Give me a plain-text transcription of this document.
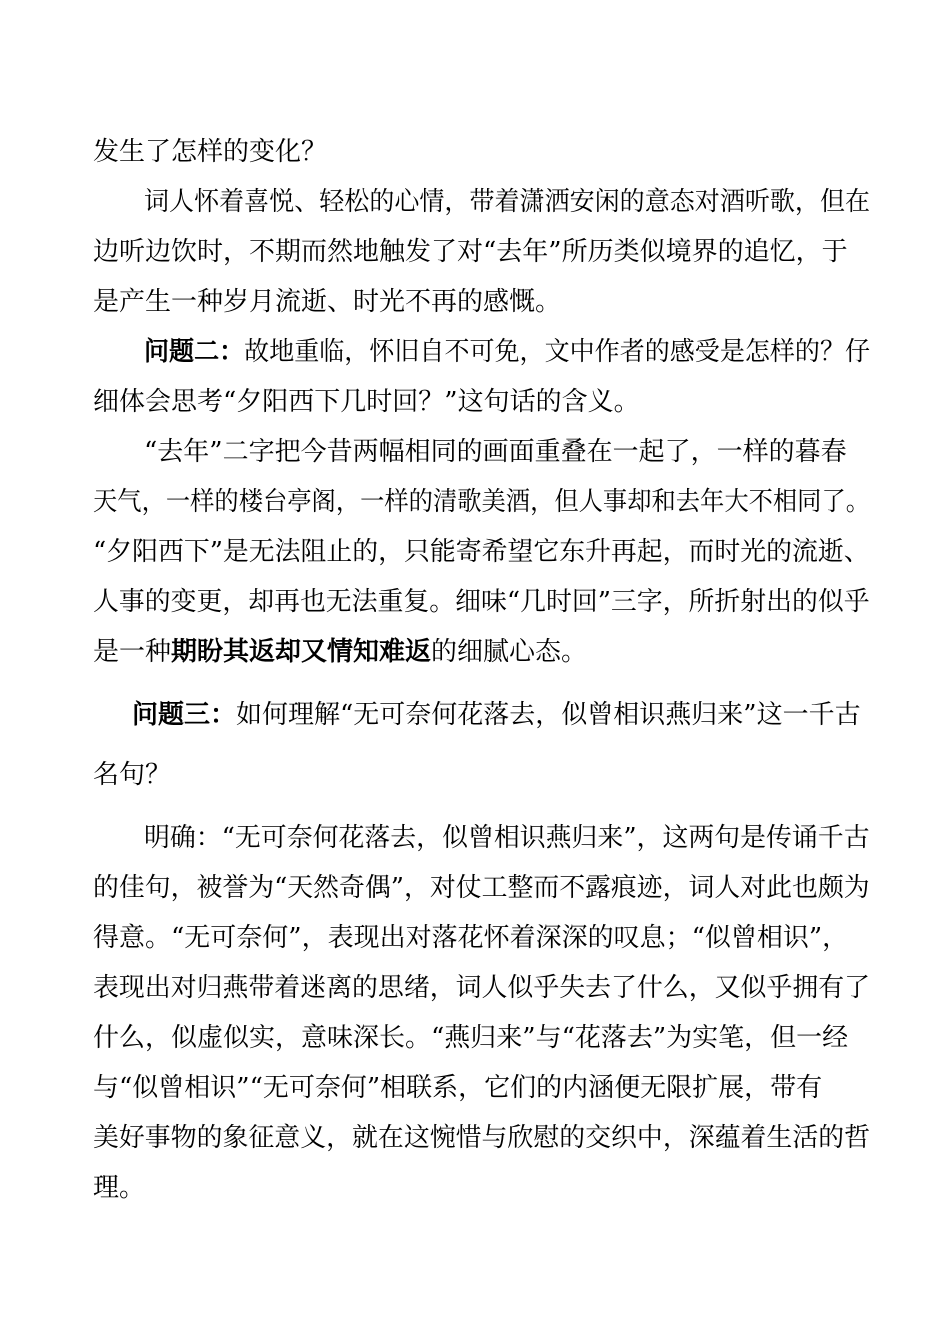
发生了怎样的变化？
词人怀着喜悦、轻松的心情，带着潇洒安闲的意态对酒听歌，但在
边听边饮时，不期而然地触发了对“去年”所历类似境界的追忆，于
是产生一种岁月流逝、时光不再的感慨。
问题二：故地重临，怀旧自不可免，文中作者的感受是怎样的？仔
细体会思考“夕阳西下几时回？”这句话的含义。
“去年”二字把今昔两幅相同的画面重叠在一起了，一样的暮春
天气，一样的楼台亭阁，一样的清歌美酒，但人事却和去年大不相同了。
“夕阳西下”是无法阻止的，只能寄希望它东升再起，而时光的流逝、
人事的变更，却再也无法重复。细味“几时回”三字，所折射出的似乎
是一种期盼其返却又情知难返的细腻心态。
问题三：如何理解“无可奈何花落去，似曾相识燕归来”这一千古
名句？
明确：“无可奈何花落去，似曾相识燕归来”，这两句是传诵千古
的佳句，被誉为“天然奇偶”，对仗工整而不露痕迹，词人对此也颇为
得意。“无可奈何”，表现出对落花怀着深深的叹息；“似曾相识”，
表现出对归燕带着迷离的思绪，词人似乎失去了什么，又似乎拥有了
什么，似虚似实，意味深长。“燕归来”与“花落去”为实笔，但一经
与“似曾相识”“无可奈何”相联系，它们的内涵便无限扩展，带有
美好事物的象征意义，就在这惋惜与欣慰的交织中，深蕴着生活的哲
理。
